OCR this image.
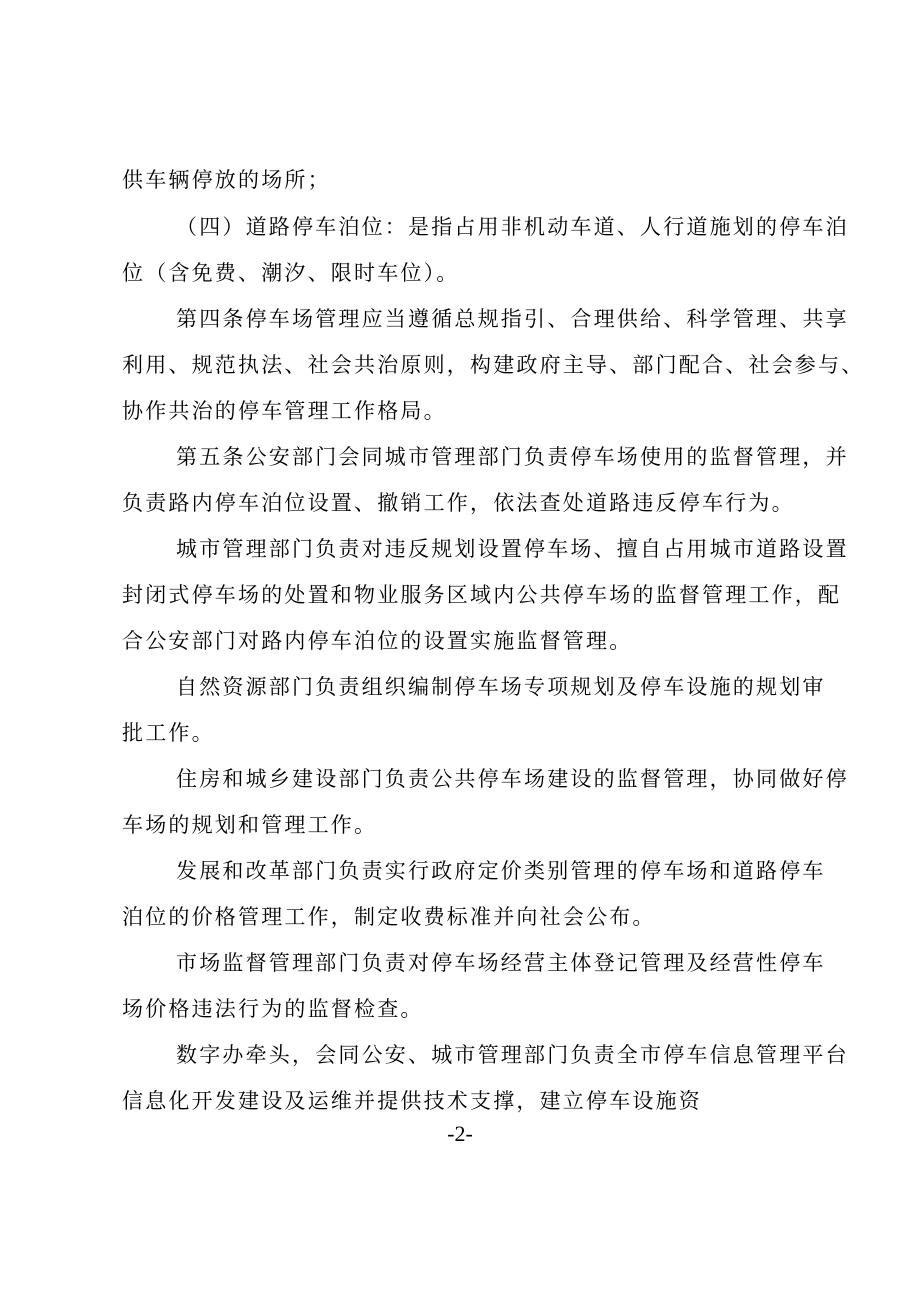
供车辆停放的场所；
（四）道路停车泊位：是指占用非机动车道、人行道施划的停车泊
位（含免费、潮汐、限时车位）。
第四条停车场管理应当遵循总规指引、合理供给、科学管理、共享
利用、规范执法、社会共治原则，构建政府主导、部门配合、社会参与、
协作共治的停车管理工作格局。
第五条公安部门会同城市管理部门负责停车场使用的监督管理，并
负责路内停车泊位设置、撤销工作，依法查处道路违反停车行为。
城市管理部门负责对违反规划设置停车场、擅自占用城市道路设置
封闭式停车场的处置和物业服务区域内公共停车场的监督管理工作，配
合公安部门对路内停车泊位的设置实施监督管理。
自然资源部门负责组织编制停车场专项规划及停车设施的规划审
批工作。
住房和城乡建设部门负责公共停车场建设的监督管理，协同做好停
车场的规划和管理工作。
发展和改革部门负责实行政府定价类别管理的停车场和道路停车
泊位的价格管理工作，制定收费标准并向社会公布。
市场监督管理部门负责对停车场经营主体登记管理及经营性停车
场价格违法行为的监督检查。
数字办牵头，会同公安、城市管理部门负责全市停车信息管理平台
信息化开发建设及运维并提供技术支撑，建立停车设施资
-2-
